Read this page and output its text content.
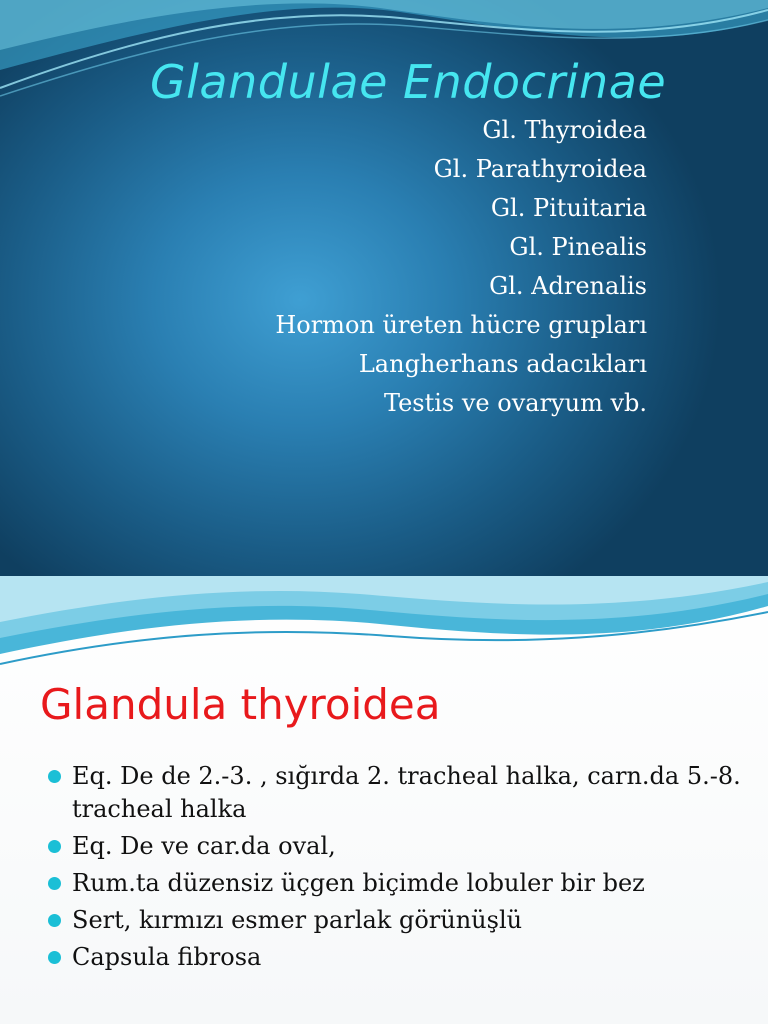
Glandulae Endocrinae
Gl. Thyroidea
Gl. Parathyroidea
Gl. Pituitaria
Gl. Pinealis
Gl. Adrenalis
Hormon üreten hücre grupları
Langherhans adacıkları
Testis ve ovaryum vb.
Glandula thyroidea
Eq. De de 2.-3. , sığırda 2. tracheal halka, carn.da 5.-8. tracheal halka
Eq. De ve car.da oval,
Rum.ta düzensiz üçgen biçimde lobuler bir bez
Sert, kırmızı esmer parlak görünüşlü
Capsula fibrosa
